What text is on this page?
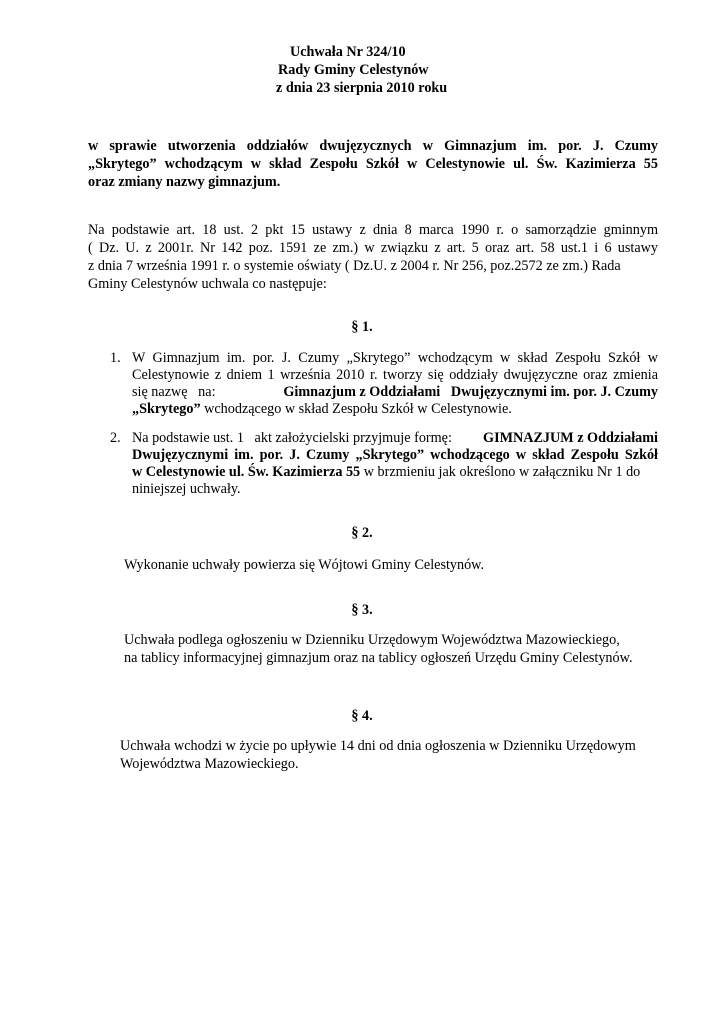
Uchwała Nr 324/10
Rady Gminy Celestynów
z dnia 23 sierpnia 2010 roku
w sprawie utworzenia oddziałów dwujęzycznych w Gimnazjum im. por. J. Czumy
„Skrytego” wchodzącym w skład Zespołu Szkół w Celestynowie ul. Św. Kazimierza 55
oraz zmiany nazwy gimnazjum.
Na podstawie art. 18 ust. 2 pkt 15 ustawy z dnia 8 marca 1990 r. o samorządzie gminnym
( Dz. U. z 2001r. Nr 142 poz. 1591 ze zm.) w związku z art. 5 oraz art. 58 ust.1 i 6 ustawy
z dnia 7 września 1991 r. o systemie oświaty ( Dz.U. z 2004 r. Nr 256, poz.2572 ze zm.) Rada
Gminy Celestynów uchwala co następuje:
§ 1.
1. W Gimnazjum im. por. J. Czumy „Skrytego” wchodzącym w skład Zespołu Szkół w
Celestynowie z dniem 1 września 2010 r. tworzy się oddziały dwujęzyczne oraz zmienia
się nazwę   na:	Gimnazjum z Oddziałami   Dwujęzycznymi im. por. J. Czumy
„Skrytego” wchodzącego w skład Zespołu Szkół w Celestynowie.
2. Na podstawie ust. 1   akt założycielski przyjmuje formę: GIMNAZJUM z Oddziałami
Dwujęzycznymi im. por. J. Czumy „Skrytego” wchodzącego w skład Zespołu Szkół
w Celestynowie ul. Św. Kazimierza 55 w brzmieniu jak określono w załączniku Nr 1 do
niniejszej uchwały.
§ 2.
Wykonanie uchwały powierza się Wójtowi Gminy Celestynów.
§ 3.
Uchwała podlega ogłoszeniu w Dzienniku Urzędowym Województwa Mazowieckiego,
na tablicy informacyjnej gimnazjum oraz na tablicy ogłoszeń Urzędu Gminy Celestynów.
§ 4.
Uchwała wchodzi w życie po upływie 14 dni od dnia ogłoszenia w Dzienniku Urzędowym
Województwa Mazowieckiego.
